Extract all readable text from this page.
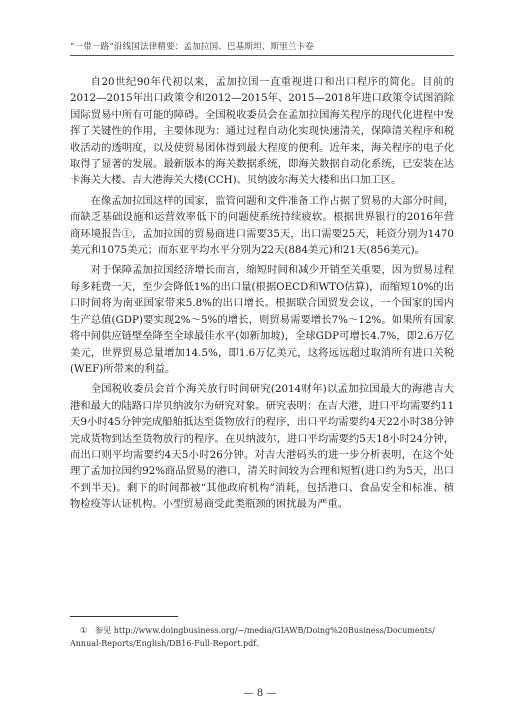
“一带一路”沿线国法律精要：孟加拉国、巴基斯坦、斯里兰卡卷

自20世纪90年代初以来，孟加拉国一直重视进口和出口程序的简化。目前的2012—2015年出口政策令和2012—2015年、2015—2018年进口政策令试图消除国际贸易中所有可能的障碍。全国税收委员会在孟加拉国海关程序的现代化进程中发挥了关键性的作用，主要体现为：通过过程自动化实现快速清关，保障清关程序和税收活动的透明度，以及使贸易团体得到最大程度的便利。近年来，海关程序的电子化取得了显著的发展。最新版本的海关数据系统，即海关数据自动化系统，已安装在达卡海关大楼、吉大港海关大楼(CCH)、贝纳波尔海关大楼和出口加工区。

在像孟加拉国这样的国家，监管问题和文件准备工作占据了贸易的大部分时间，而缺乏基础设施和运营效率低下的问题使系统持续疲软。根据世界银行的2016年营商环境报告①，孟加拉国的贸易商进口需要35天，出口需要25天，耗资分别为1470美元和1075美元；而东亚平均水平分别为22天(884美元)和21天(856美元)。

对于保障孟加拉国经济增长而言，缩短时间和减少开销至关重要，因为贸易过程每多耗费一天，至少会降低1%的出口量(根据OECD和WTO估算)，而缩短10%的出口时间将为南亚国家带来5.8%的出口增长。根据联合国贸发会议，一个国家的国内生产总值(GDP)要实现2%～5%的增长，则贸易需要增长7%～12%。如果所有国家将中间供应链壁垒降至全球最佳水平(如新加坡)，全球GDP可增长4.7%，即2.6万亿美元，世界贸易总量增加14.5%，即1.6万亿美元，这将远远超过取消所有进口关税(WEF)所带来的利益。

全国税收委员会首个海关放行时间研究(2014财年)以孟加拉国最大的海港吉大港和最大的陆路口岸贝纳波尔为研究对象。研究表明：在吉大港，进口平均需要约11天9小时45分钟完成船舶抵达至货物放行的程序，出口平均需要约4天22小时38分钟完成货物到达至货物放行的程序。在贝纳波尔，进口平均需要约5天18小时24分钟，而出口则平均需要约4天5小时26分钟。对吉大港码头的进一步分析表明，在这个处理了孟加拉国约92%商品贸易的港口，清关时间较为合理和短暂(进口约为5天，出口不到半天)。剩下的时间都被“其他政府机构”消耗，包括港口、食品安全和标准、植物检疫等认证机构。小型贸易商受此类瓶颈的困扰最为严重。

① 参见 http://www.doingbusiness.org/~/media/GIAWB/Doing%20Business/Documents/
Annual-Reports/English/DB16-Full-Report.pdf。
— 8 —
